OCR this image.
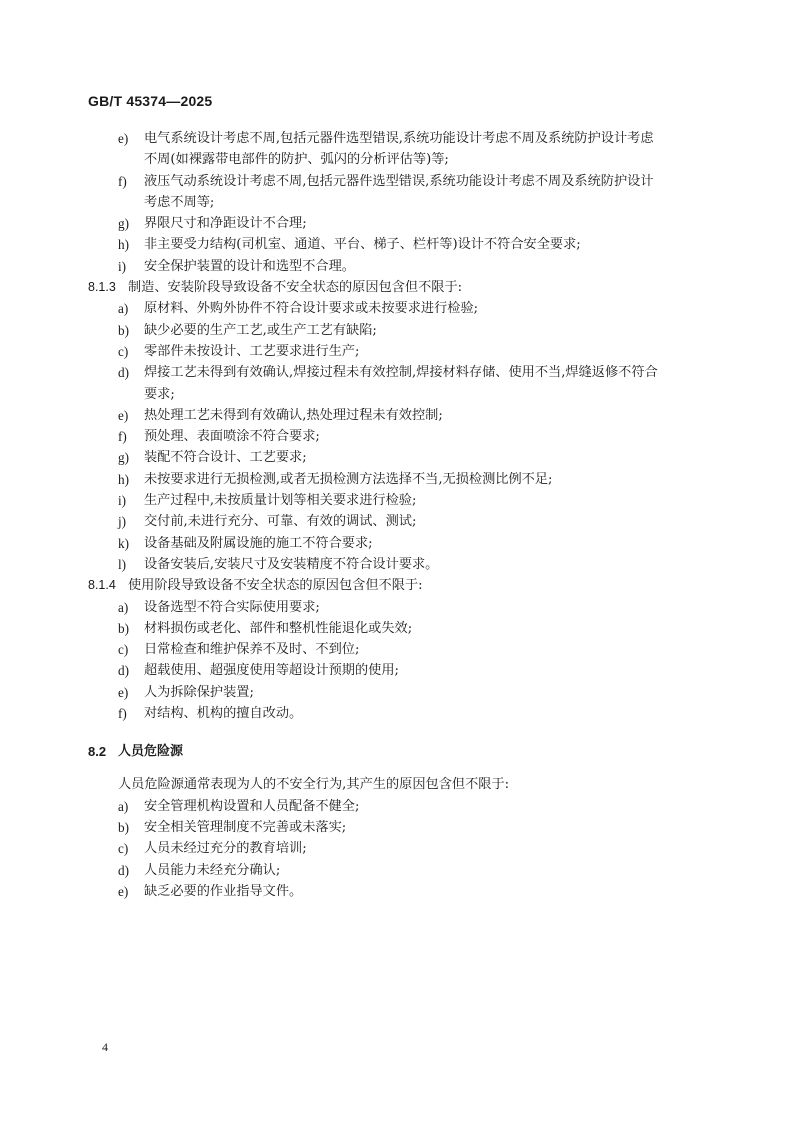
GB/T 45374—2025
e) 电气系统设计考虑不周,包括元器件选型错误,系统功能设计考虑不周及系统防护设计考虑
不周(如裸露带电部件的防护、弧闪的分析评估等)等;
f) 液压气动系统设计考虑不周,包括元器件选型错误,系统功能设计考虑不周及系统防护设计
考虑不周等;
g) 界限尺寸和净距设计不合理;
h) 非主要受力结构(司机室、通道、平台、梯子、栏杆等)设计不符合安全要求;
i) 安全保护装置的设计和选型不合理。
8.1.3 制造、安装阶段导致设备不安全状态的原因包含但不限于:
a) 原材料、外购外协件不符合设计要求或未按要求进行检验;
b) 缺少必要的生产工艺,或生产工艺有缺陷;
c) 零部件未按设计、工艺要求进行生产;
d) 焊接工艺未得到有效确认,焊接过程未有效控制,焊接材料存储、使用不当,焊缝返修不符合
要求;
e) 热处理工艺未得到有效确认,热处理过程未有效控制;
f) 预处理、表面喷涂不符合要求;
g) 装配不符合设计、工艺要求;
h) 未按要求进行无损检测,或者无损检测方法选择不当,无损检测比例不足;
i) 生产过程中,未按质量计划等相关要求进行检验;
j) 交付前,未进行充分、可靠、有效的调试、测试;
k) 设备基础及附属设施的施工不符合要求;
l) 设备安装后,安装尺寸及安装精度不符合设计要求。
8.1.4 使用阶段导致设备不安全状态的原因包含但不限于:
a) 设备选型不符合实际使用要求;
b) 材料损伤或老化、部件和整机性能退化或失效;
c) 日常检查和维护保养不及时、不到位;
d) 超载使用、超强度使用等超设计预期的使用;
e) 人为拆除保护装置;
f) 对结构、机构的擅自改动。
8.2 人员危险源
人员危险源通常表现为人的不安全行为,其产生的原因包含但不限于:
a) 安全管理机构设置和人员配备不健全;
b) 安全相关管理制度不完善或未落实;
c) 人员未经过充分的教育培训;
d) 人员能力未经充分确认;
e) 缺乏必要的作业指导文件。
4
